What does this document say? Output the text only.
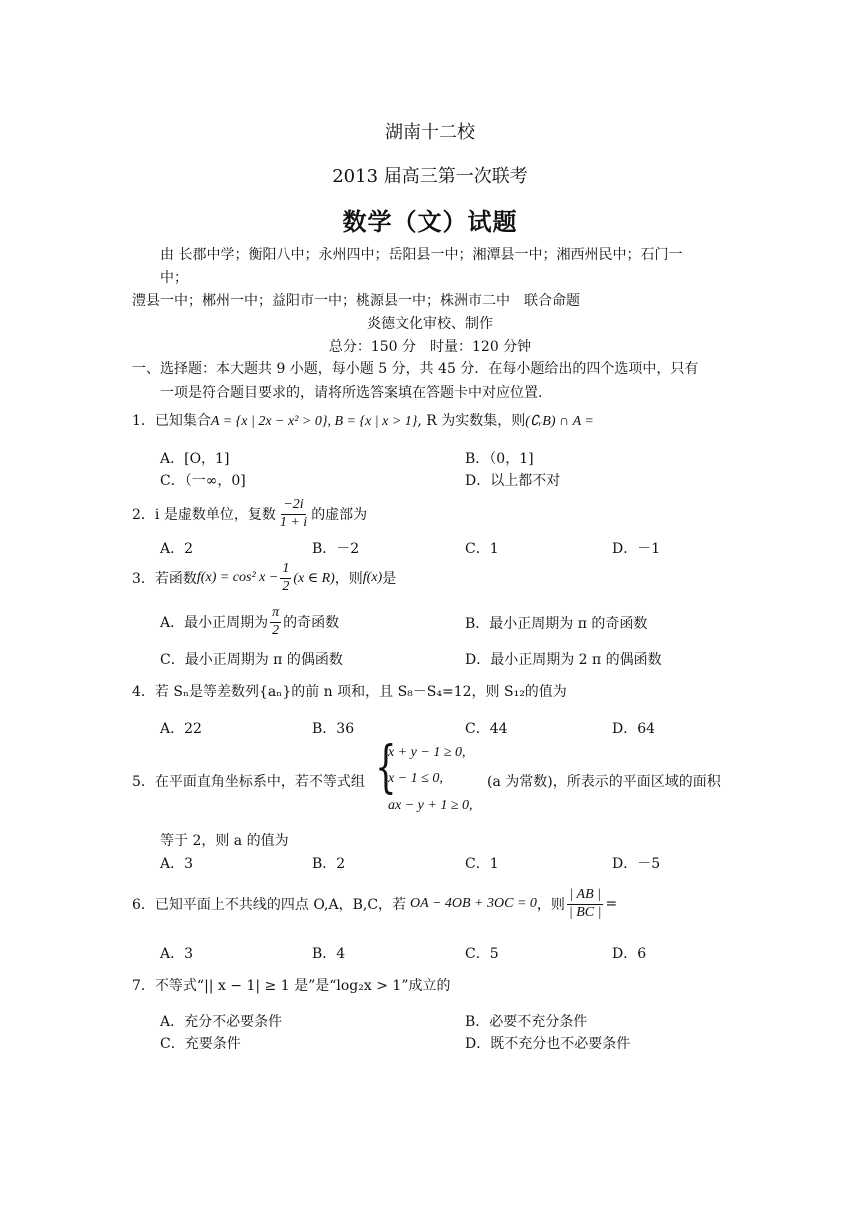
湖南十二校
2013 届高三第一次联考
数学（文）试题
由 长郡中学；衡阳八中；永州四中；岳阳县一中；湘潭县一中；湘西州民中；石门一
中；
澧县一中；郴州一中；益阳市一中；桃源县一中；株洲市二中　联合命题
炎德文化审校、制作
总分：150 分　时量：120 分钟
一、选择题：本大题共 9 小题，每小题 5 分，共 45 分．在每小题给出的四个选项中，只有
一项是符合题目要求的，请将所选答案填在答题卡中对应位置.
1．已知集合A = {x | 2x − x² > 0}, B = {x | x > 1}, R 为实数集，则(∁ᵣB) ∩ A =
A．[O，1]	B．（0，1]
C．（一∞，0]	D．以上都不对
2．i 是虚数单位，复数 $\frac{-2i}{1 + i}$ 的虚部为
A．2	B．－2	C．1	D．－1
3．若函数 f(x) = cos² $x - \frac{1}{2} (x$ ∈ R) ，则 f(x) 是
A．最小正周期为 $\frac{\pi}{2}$ 的奇函数	B．最小正周期为 π 的奇函数
C．最小正周期为 π 的偶函数	D．最小正周期为 2 π 的偶函数
4．若 Sₙ是等差数列{aₙ}的前 n 项和，且 S₈－S₄=12，则 S₁₂的值为
A．22	B．36	C．44	D．64
5．在平面直角坐标系中，若不等式组 {
x + y − 1 ≥ 0,
x − 1 ≤ 0,
ax − y + 1 ≥ 0,
(a 为常数)，所表示的平面区域的面积
等于 2，则 a 的值为
A．3	B．2	C．1	D．－5
6．已知平面上不共线的四点 O,A，B,C，若 OA − 4OB + 3OC = 0 ，则 $\frac{| AB |}{| BC |}$ =
A．3	B．4	C．5	D．6
7．不等式“|| x − 1| ≥ 1 是”是“log₂x > 1”成立的
A．充分不必要条件	B．必要不充分条件
C．充要条件	D．既不充分也不必要条件
